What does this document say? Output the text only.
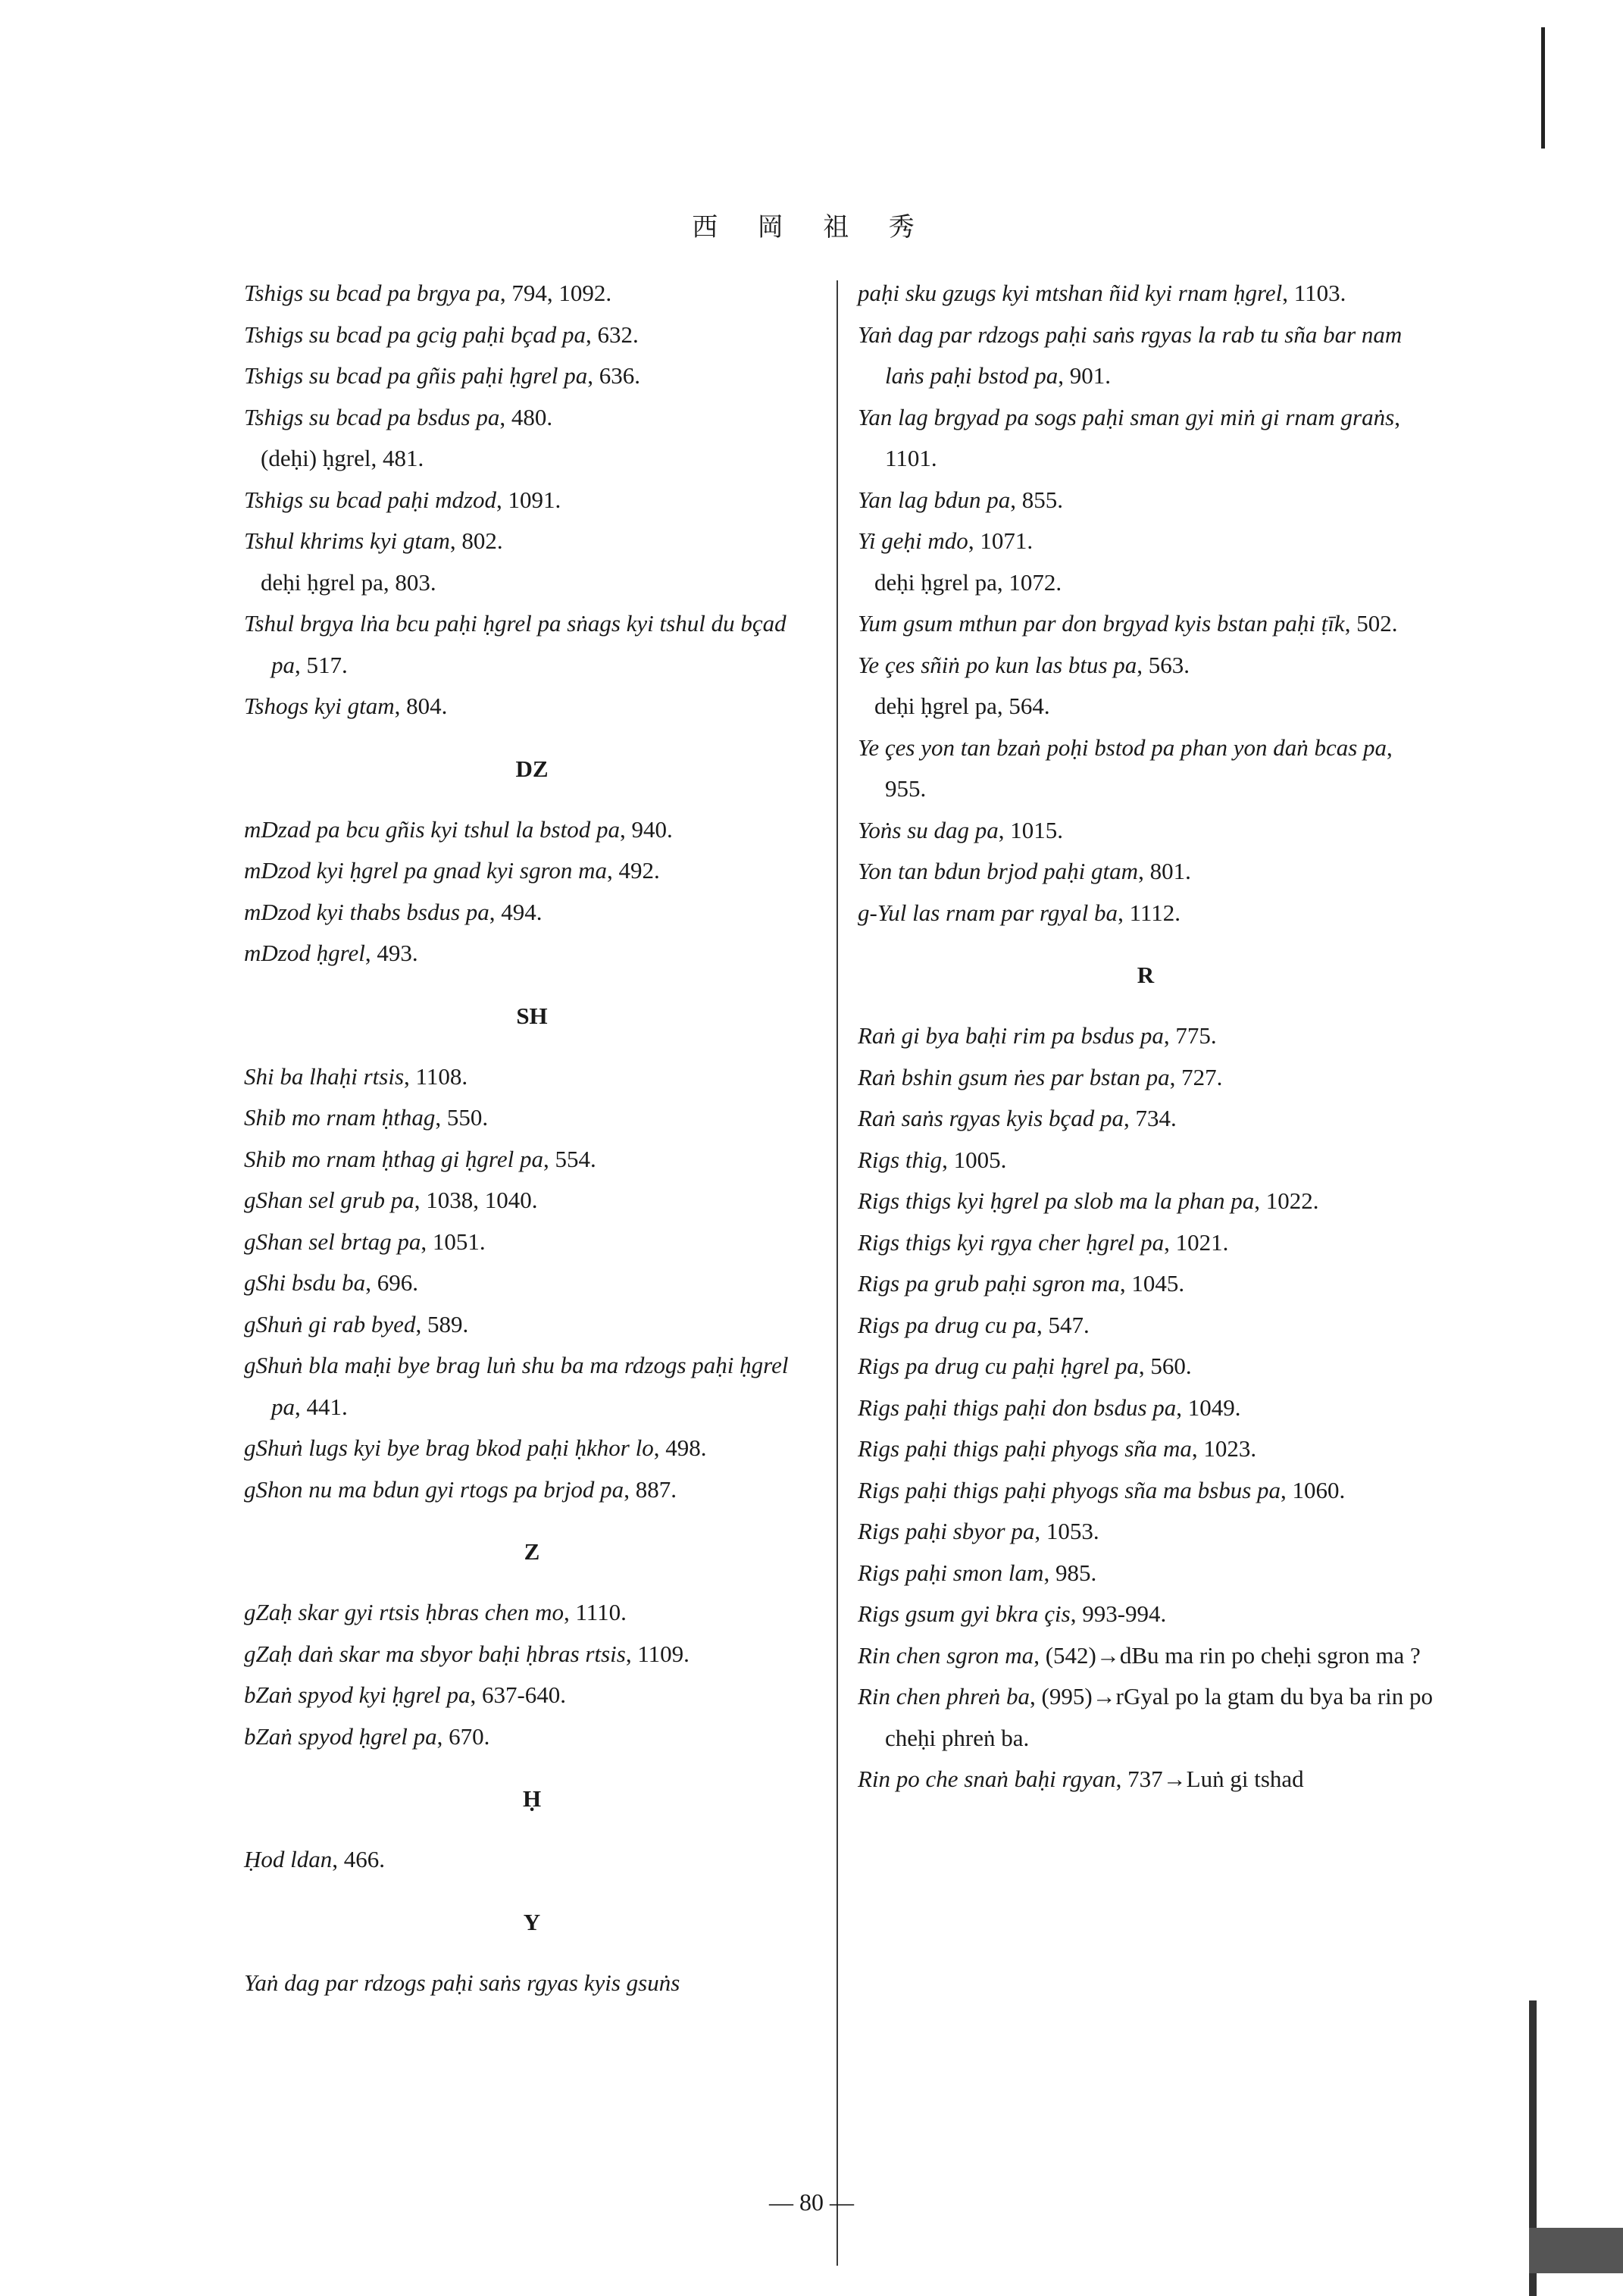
西 岡 祖 秀

Tshigs su bcad pa brgya pa, 794, 1092.

Tshigs su bcad pa gcig paḥi bçad pa, 632.

Tshigs su bcad pa gñis paḥi ḥgrel pa, 636.

Tshigs su bcad pa bsdus pa, 480.

(deḥi) ḥgrel, 481.

Tshigs su bcad paḥi mdzod, 1091.

Tshul khrims kyi gtam, 802.

deḥi ḥgrel pa, 803.

Tshul brgya lṅa bcu paḥi ḥgrel pa sṅags kyi tshul du bçad pa, 517.

Tshogs kyi gtam, 804.

DZ

mDzad pa bcu gñis kyi tshul la bstod pa, 940.

mDzod kyi ḥgrel pa gnad kyi sgron ma, 492.

mDzod kyi thabs bsdus pa, 494.

mDzod ḥgrel, 493.

SH

Shi ba lhaḥi rtsis, 1108.

Shib mo rnam ḥthag, 550.

Shib mo rnam ḥthag gi ḥgrel pa, 554.

gShan sel grub pa, 1038, 1040.

gShan sel brtag pa, 1051.

gShi bsdu ba, 696.

gShuṅ gi rab byed, 589.

gShuṅ bla maḥi bye brag luṅ shu ba ma rdzogs paḥi ḥgrel pa, 441.

gShuṅ lugs kyi bye brag bkod paḥi ḥkhor lo, 498.

gShon nu ma bdun gyi rtogs pa brjod pa, 887.

Z

gZaḥ skar gyi rtsis ḥbras chen mo, 1110.

gZaḥ daṅ skar ma sbyor baḥi ḥbras rtsis, 1109.

bZaṅ spyod kyi ḥgrel pa, 637-640.

bZaṅ spyod ḥgrel pa, 670.

Ḥ

Ḥod ldan, 466.

Y

Yaṅ dag par rdzogs paḥi saṅs rgyas kyis gsuṅs

paḥi sku gzugs kyi mtshan ñid kyi rnam ḥgrel, 1103.

Yaṅ dag par rdzogs paḥi saṅs rgyas la rab tu sña bar nam laṅs paḥi bstod pa, 901.

Yan lag brgyad pa sogs paḥi sman gyi miṅ gi rnam graṅs, 1101.

Yan lag bdun pa, 855.

Yi geḥi mdo, 1071.

deḥi ḥgrel pa, 1072.

Yum gsum mthun par don brgyad kyis bstan paḥi ṭīk, 502.

Ye çes sñiṅ po kun las btus pa, 563.

deḥi ḥgrel pa, 564.

Ye çes yon tan bzaṅ poḥi bstod pa phan yon daṅ bcas pa, 955.

Yoṅs su dag pa, 1015.

Yon tan bdun brjod paḥi gtam, 801.

g-Yul las rnam par rgyal ba, 1112.

R

Raṅ gi bya baḥi rim pa bsdus pa, 775.

Raṅ bshin gsum ṅes par bstan pa, 727.

Raṅ saṅs rgyas kyis bçad pa, 734.

Rigs thig, 1005.

Rigs thigs kyi ḥgrel pa slob ma la phan pa, 1022.

Rigs thigs kyi rgya cher ḥgrel pa, 1021.

Rigs pa grub paḥi sgron ma, 1045.

Rigs pa drug cu pa, 547.

Rigs pa drug cu paḥi ḥgrel pa, 560.

Rigs paḥi thigs paḥi don bsdus pa, 1049.

Rigs paḥi thigs paḥi phyogs sña ma, 1023.

Rigs paḥi thigs paḥi phyogs sña ma bsbus pa, 1060.

Rigs paḥi sbyor pa, 1053.

Rigs paḥi smon lam, 985.

Rigs gsum gyi bkra çis, 993-994.

Rin chen sgron ma, (542)→dBu ma rin po cheḥi sgron ma ?

Rin chen phreṅ ba, (995)→rGyal po la gtam du bya ba rin po cheḥi phreṅ ba.

Rin po che snaṅ baḥi rgyan, 737→Luṅ gi tshad

— 80 —
